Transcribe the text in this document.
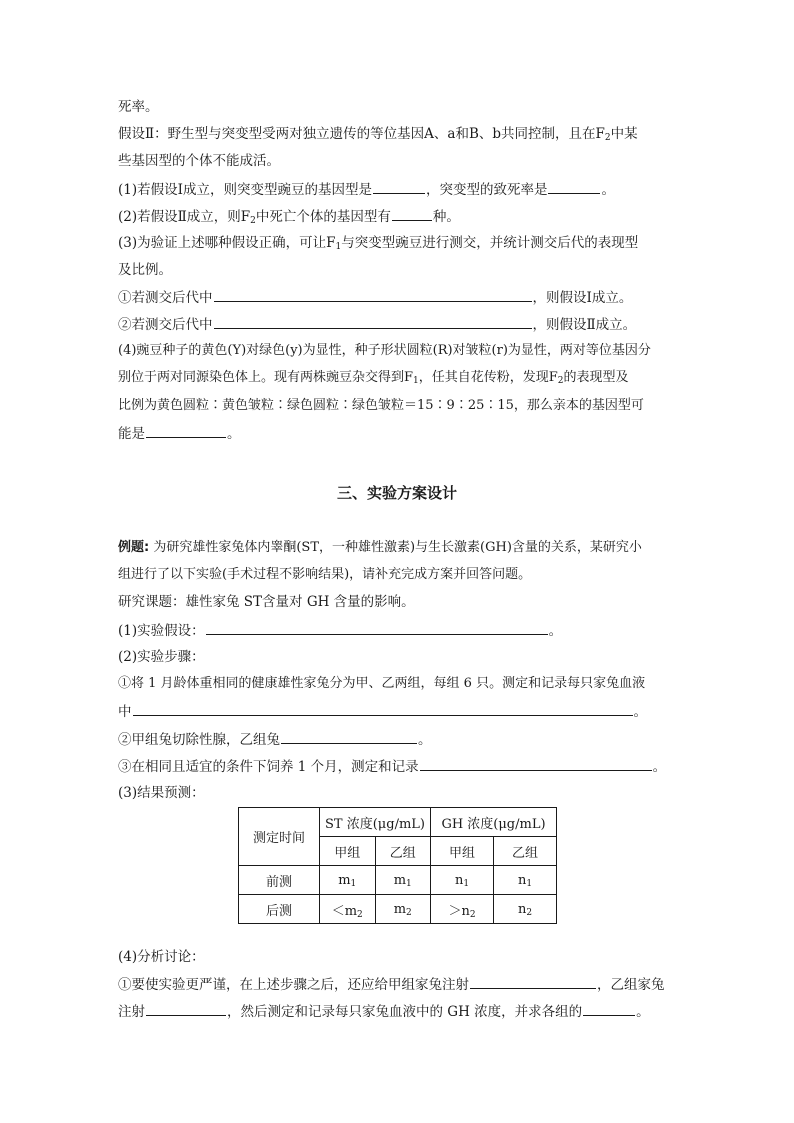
死率。
假设Ⅱ：野生型与突变型受两对独立遗传的等位基因A、a和B、b共同控制，且在$F_2$中某
些基因型的个体不能成活。
(1)若假设Ⅰ成立，则突变型豌豆的基因型是	，突变型的致死率是	。
(2)若假设Ⅱ成立，则$F_2$中死亡个体的基因型有	种。
(3)为验证上述哪种假设正确，可让$F_1$与突变型豌豆进行测交，并统计测交后代的表现型
及比例。
①若测交后代中	，则假设Ⅰ成立。
②若测交后代中	，则假设Ⅱ成立。
(4)豌豆种子的黄色(Y)对绿色(y)为显性，种子形状圆粒(R)对皱粒(r)为显性，两对等位基因分
别位于两对同源染色体上。现有两株豌豆杂交得到$F_1$，任其自花传粉，发现$F_2$的表现型及
比例为黄色圆粒∶黄色皱粒∶绿色圆粒∶绿色皱粒＝15∶9∶25∶15，那么亲本的基因型可
能是	。
三、实验方案设计
例题: 为研究雄性家兔体内睾酮(ST，一种雄性激素)与生长激素(GH)含量的关系，某研究小
组进行了以下实验(手术过程不影响结果)，请补充完成方案并回答问题。
研究课题：雄性家兔 ST含量对 GH 含量的影响。
(1)实验假设：	。
(2)实验步骤：
①将 1 月龄体重相同的健康雄性家兔分为甲、乙两组，每组 6 只。测定和记录每只家兔血液
中	。
②甲组兔切除性腺，乙组兔	。
③在相同且适宜的条件下饲养 1 个月，测定和记录	。
(3)结果预测：
测定时间	ST 浓度(μg/mL)		GH 浓度(μg/mL)	
	甲组	乙组	甲组	乙组
前测	$m_1$	$m_1$	$n_1$	$n_1$
后测	$<m_2$	$m_2$	$>n_2$	$n_2$
(4)分析讨论：
①要使实验更严谨，在上述步骤之后，还应给甲组家兔注射	，乙组家兔
注射	，然后测定和记录每只家兔血液中的 GH 浓度，并求各组的	。
